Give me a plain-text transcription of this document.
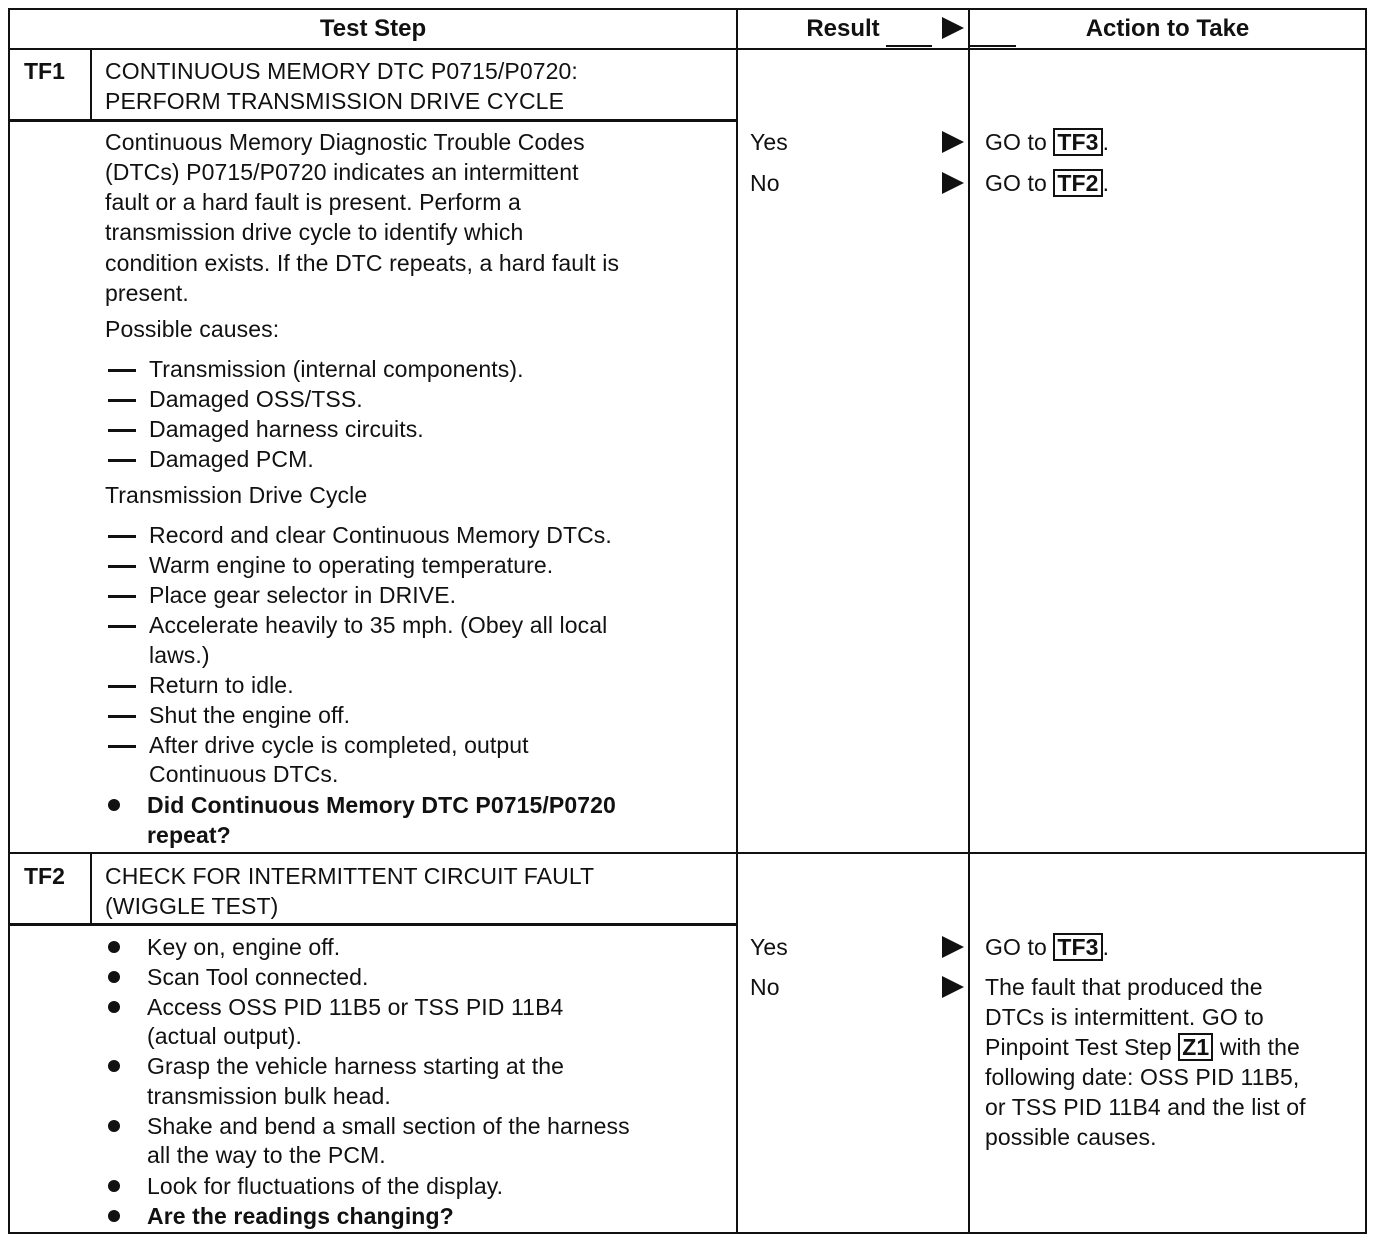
Test Step	Result	Action to Take
TF1 CONTINUOUS MEMORY DTC P0715/P0720:
PERFORM TRANSMISSION DRIVE CYCLE
Continuous Memory Diagnostic Trouble Codes
(DTCs) P0715/P0720 indicates an intermittent
fault or a hard fault is present. Perform a
transmission drive cycle to identify which
condition exists. If the DTC repeats, a hard fault is
present.
Possible causes:
Transmission (internal components).
Damaged OSS/TSS.
Damaged harness circuits.
Damaged PCM.
Transmission Drive Cycle
Record and clear Continuous Memory DTCs.
Warm engine to operating temperature.
Place gear selector in DRIVE.
Accelerate heavily to 35 mph. (Obey all local
laws.)
Return to idle.
Shut the engine off.
After drive cycle is completed, output
Continuous DTCs.
Did Continuous Memory DTC P0715/P0720
repeat?
Yes
No
GO to TF3 .
GO to TF2 .
TF2 CHECK FOR INTERMITTENT CIRCUIT FAULT
(WIGGLE TEST)
Key on, engine off.
Scan Tool connected.
Access OSS PID 11B5 or TSS PID 11B4
(actual output).
Grasp the vehicle harness starting at the
transmission bulk head.
Shake and bend a small section of the harness
all the way to the PCM.
Look for fluctuations of the display.
Are the readings changing?
Yes
No
GO to TF3 .
The fault that produced the
DTCs is intermittent. GO to
Pinpoint Test Step Z1 with the
following date: OSS PID 11B5,
or TSS PID 11B4 and the list of
possible causes.
